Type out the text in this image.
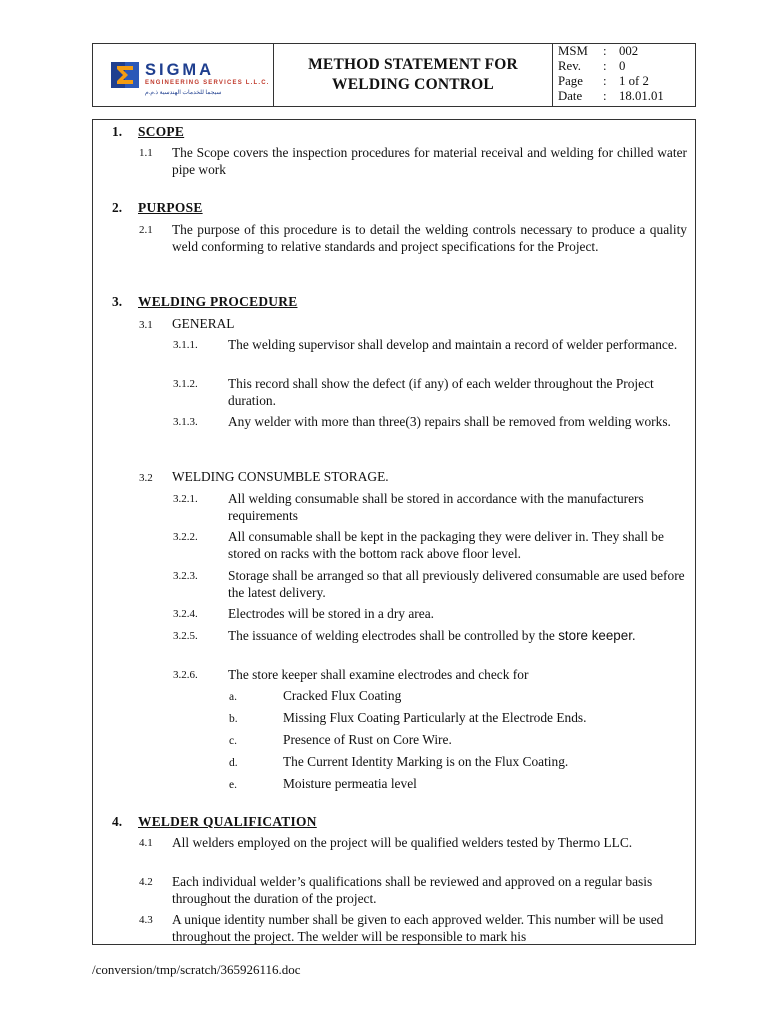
SIGMA
ENGINEERING SERVICES L.L.C.
سيجما للخدمات الهندسية ذ.م.م
METHOD STATEMENT FOR
WELDING CONTROL
MSM	: 002
Rev.	: 0
Page	: 1 of 2
Date	: 18.01.01
1. SCOPE
1.1 The Scope covers the inspection procedures for material receival and welding for chilled water pipe work
2. PURPOSE
2.1 The purpose of this procedure is to detail the welding controls necessary to produce a quality weld conforming to relative standards and project specifications for the Project.
3. WELDING PROCEDURE
3.1 GENERAL
3.1.1. The welding supervisor shall develop and maintain a record of welder performance.
3.1.2. This record shall show the defect (if any) of each welder throughout the Project duration.
3.1.3. Any welder with more than three(3) repairs shall be removed from welding works.
3.2 WELDING CONSUMBLE STORAGE.
3.2.1. All welding consumable shall be stored in accordance with the manufacturers requirements
3.2.2. All consumable shall be kept in the packaging they were deliver in. They shall be stored on racks with the bottom rack above floor level.
3.2.3. Storage shall be arranged so that all previously delivered consumable are used before the latest delivery.
3.2.4. Electrodes will be stored in a dry area.
3.2.5. The issuance of welding electrodes shall be controlled by the store keeper.
3.2.6. The store keeper shall examine electrodes and check for
a.	Cracked Flux Coating
b.	Missing Flux Coating Particularly at the Electrode Ends.
c.	Presence of Rust on Core Wire.
d.	The Current Identity Marking is on the Flux Coating.
e.	Moisture permeatia level
4. WELDER QUALIFICATION
4.1 All welders employed on the project will be qualified welders tested by Thermo LLC.
4.2 Each individual welder’s qualifications shall be reviewed and approved on a regular basis throughout the duration of the project.
4.3 A unique identity number shall be given to each approved welder. This number will be used throughout the project. The welder will be responsible to mark his
/conversion/tmp/scratch/365926116.doc
